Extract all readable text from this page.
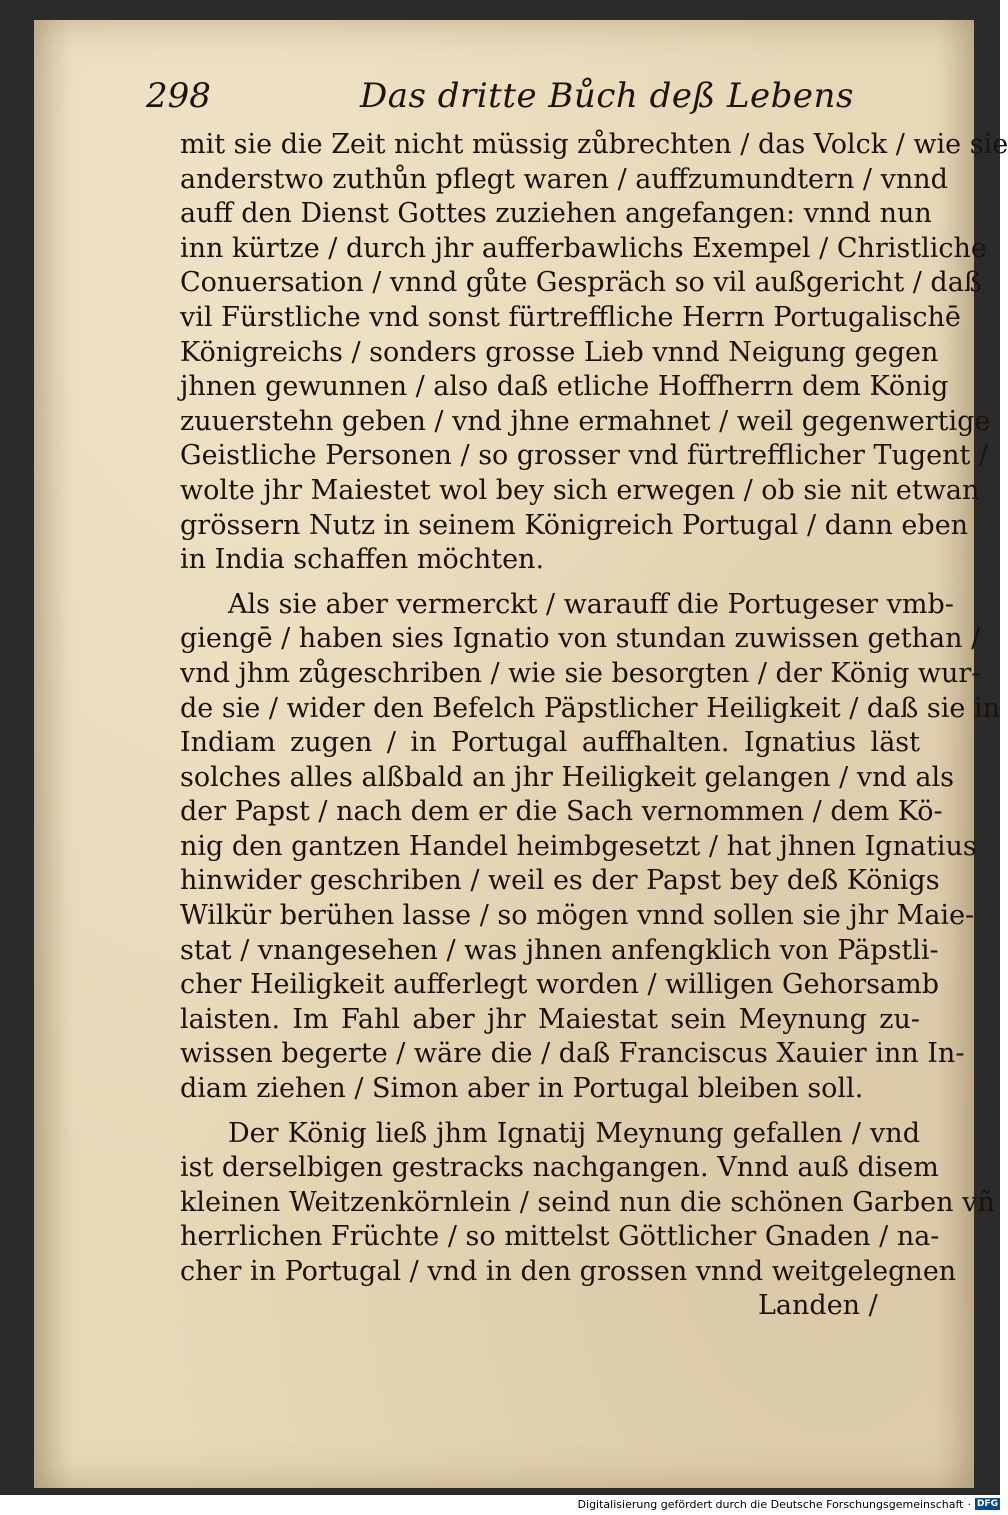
298	Das dritte Bůch deß Lebens
mit sie die Zeit nicht müssig zůbrechten / das Volck / wie sie
anderstwo zuthůn pflegt waren / auffzumundtern / vnnd
auff den Dienst Gottes zuziehen angefangen: vnnd nun
inn kürtze / durch jhr aufferbawlichs Exempel / Christliche
Conuersation / vnnd gůte Gespräch so vil außgericht / daß
vil Fürstliche vnd sonst fürtreffliche Herrn Portugalischē
Königreichs / sonders grosse Lieb vnnd Neigung gegen
jhnen gewunnen / also daß etliche Hoffherrn dem König
zuuerstehn geben / vnd jhne ermahnet / weil gegenwertige
Geistliche Personen / so grosser vnd fürtrefflicher Tugent /
wolte jhr Maiestet wol bey sich erwegen / ob sie nit etwan
grössern Nutz in seinem Königreich Portugal / dann eben
in India schaffen möchten.
Als sie aber vermerckt / warauff die Portugeser vmb-
giengē / haben sies Ignatio von stundan zuwissen gethan /
vnd jhm zůgeschriben / wie sie besorgten / der König wur-
de sie / wider den Befelch Päpstlicher Heiligkeit / daß sie in
Indiam zugen / in Portugal auffhalten. Ignatius läst
solches alles alßbald an jhr Heiligkeit gelangen / vnd als
der Papst / nach dem er die Sach vernommen / dem Kö-
nig den gantzen Handel heimbgesetzt / hat jhnen Ignatius
hinwider geschriben / weil es der Papst bey deß Königs
Wilkür berühen lasse / so mögen vnnd sollen sie jhr Maie-
stat / vnangesehen / was jhnen anfengklich von Päpstli-
cher Heiligkeit aufferlegt worden / willigen Gehorsamb
laisten. Im Fahl aber jhr Maiestat sein Meynung zu-
wissen begerte / wäre die / daß Franciscus Xauier inn In-
diam ziehen / Simon aber in Portugal bleiben soll.
Der König ließ jhm Ignatij Meynung gefallen / vnd
ist derselbigen gestracks nachgangen. Vnnd auß disem
kleinen Weitzenkörnlein / seind nun die schönen Garben vñ
herrlichen Früchte / so mittelst Göttlicher Gnaden / na-
cher in Portugal / vnd in den grossen vnnd weitgelegnen
Landen /
Digitalisierung gefördert durch die Deutsche Forschungsgemeinschaft · DFG
